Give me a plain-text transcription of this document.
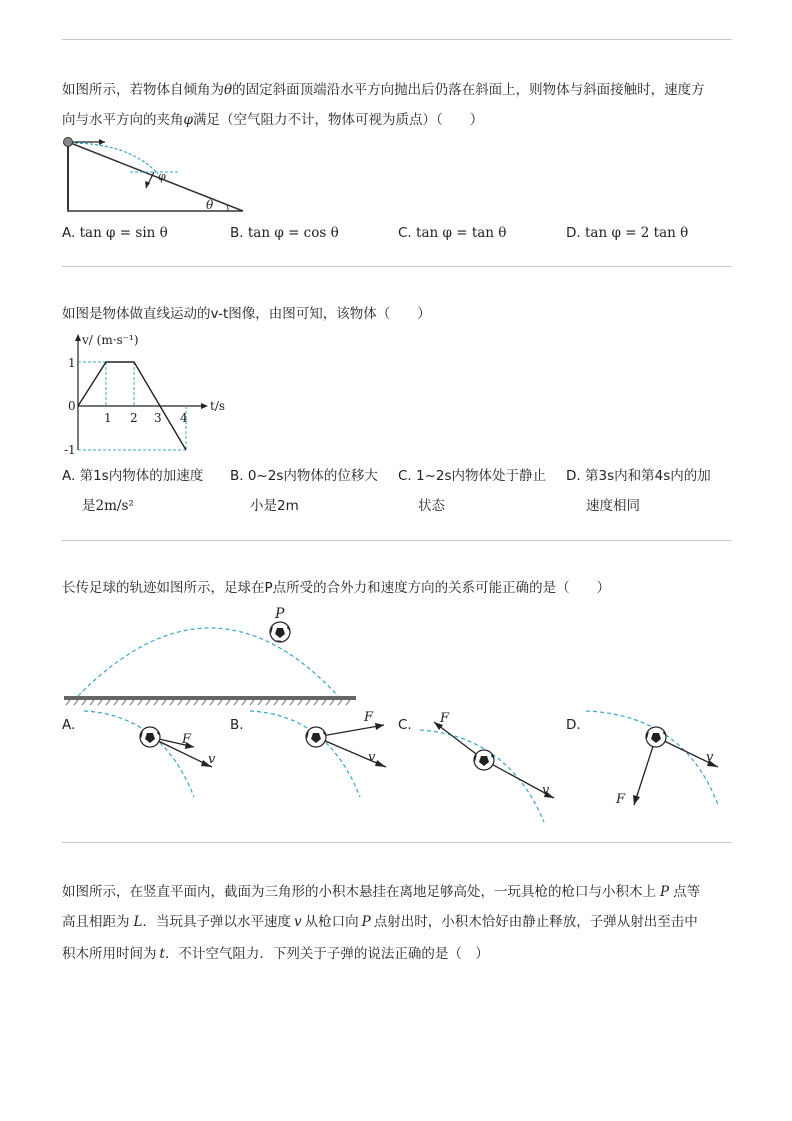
如图所示，若物体自倾角为θ的固定斜面顶端沿水平方向抛出后仍落在斜面上，则物体与斜面接触时，速度方
向与水平方向的夹角φ满足（空气阻力不计，物体可视为质点）（　　）
θ
φ
A. tan φ = sin θ	B. tan φ = cos θ	C. tan φ = tan θ	D. tan φ = 2 tan θ
如图是物体做直线运动的v-t图像，由图可知，该物体（　　）
v/ (m·s⁻¹)
t/s
1
0
-1
1 2 3 4
A. 第1s内物体的加速度
是2m/s²
B. 0~2s内物体的位移大
小是2m
C. 1~2s内物体处于静止
状态
D. 第3s内和第4s内的加
速度相同
长传足球的轨迹如图所示，足球在P点所受的合外力和速度方向的关系可能正确的是（　　）
P
A.
F
v
B.	F
v
C. F
v
D.
F
v
如图所示，在竖直平面内，截面为三角形的小积木悬挂在离地足够高处，一玩具枪的枪口与小积木上 P 点等
高且相距为 L．当玩具子弹以水平速度 v 从枪口向 P 点射出时，小积木恰好由静止释放，子弹从射出至击中
积木所用时间为 t．不计空气阻力．下列关于子弹的说法正确的是（　）
